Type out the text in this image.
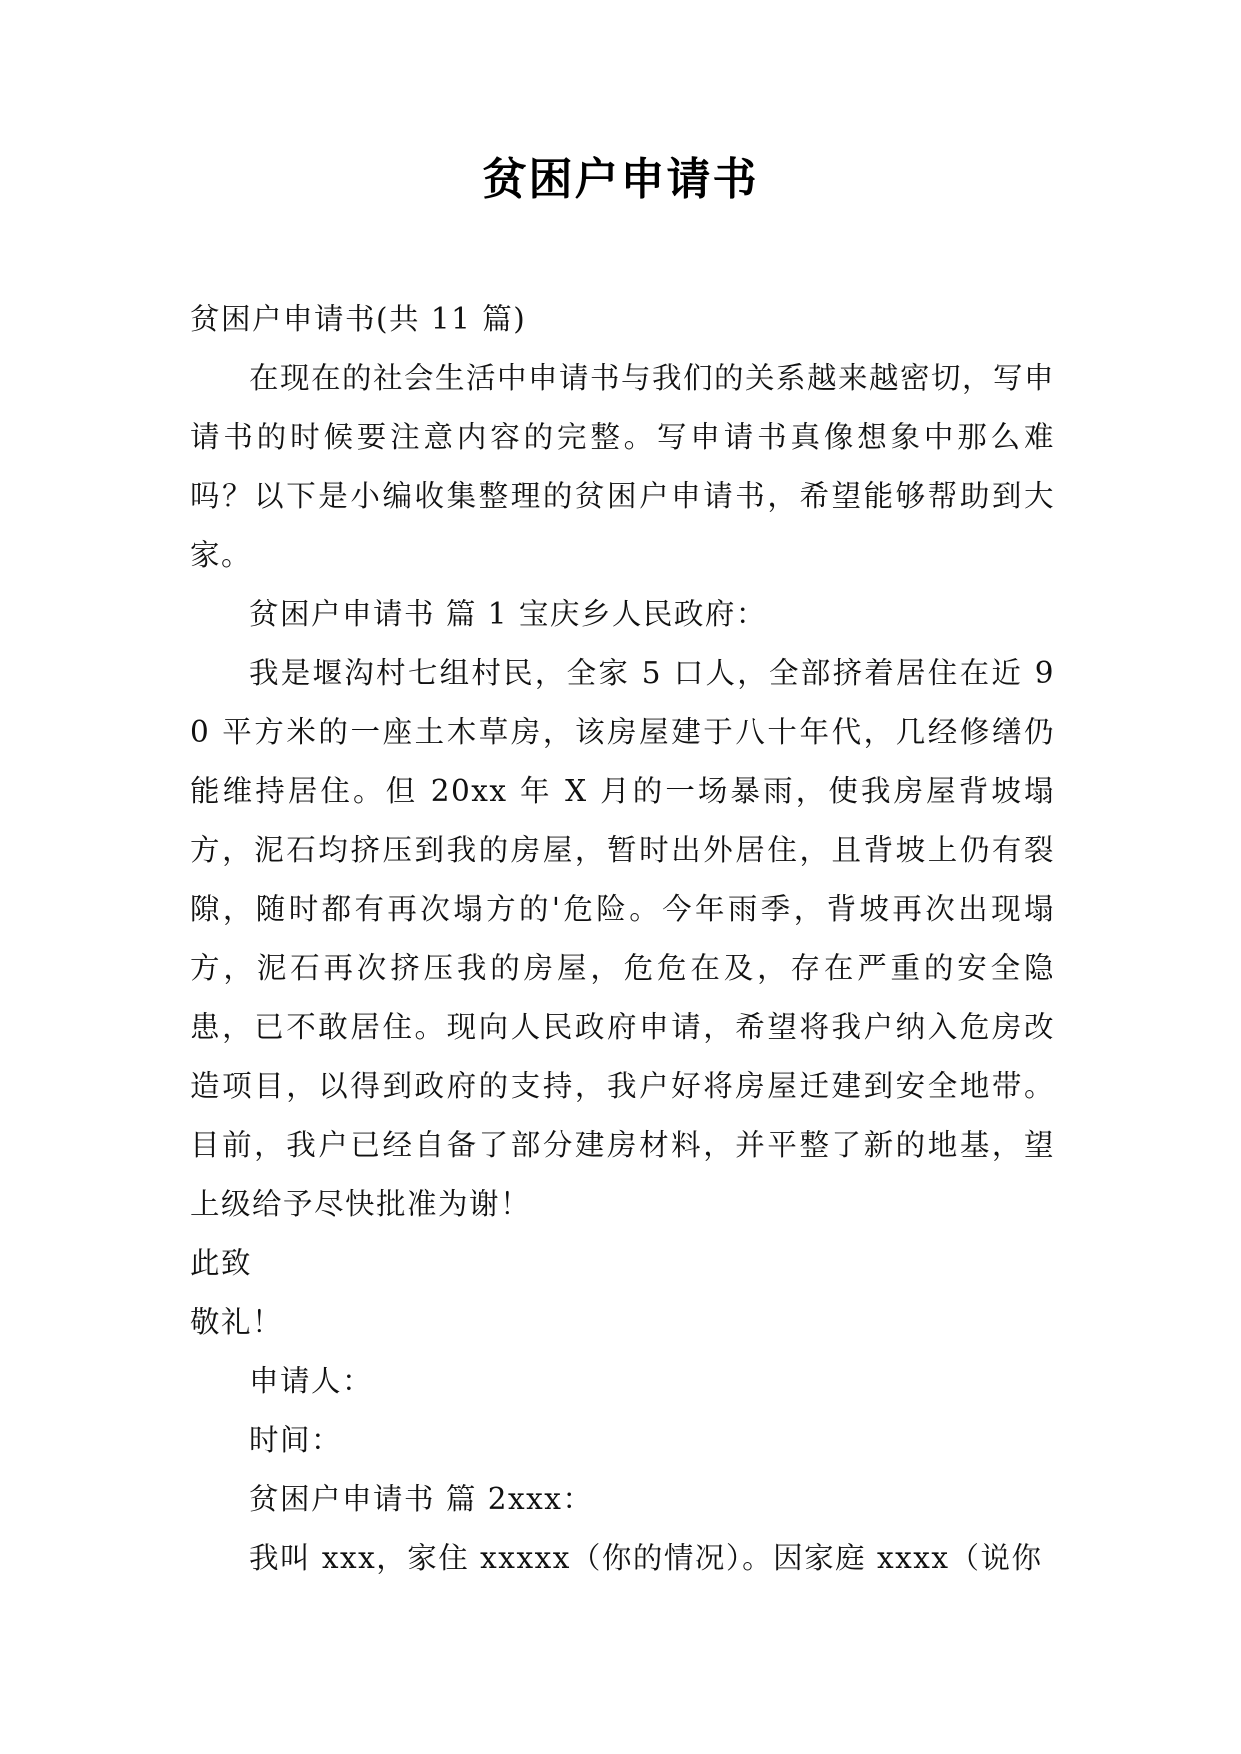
贫困户申请书

贫困户申请书(共 11 篇)

在现在的社会生活中申请书与我们的关系越来越密切，写申请书的时候要注意内容的完整。写申请书真像想象中那么难吗？以下是小编收集整理的贫困户申请书，希望能够帮助到大家。

贫困户申请书 篇 1 宝庆乡人民政府：

我是堰沟村七组村民，全家 5 口人，全部挤着居住在近 90 平方米的一座土木草房，该房屋建于八十年代，几经修缮仍能维持居住。但 20xx 年 X 月的一场暴雨，使我房屋背坡塌方，泥石均挤压到我的房屋，暂时出外居住，且背坡上仍有裂隙，随时都有再次塌方的'危险。今年雨季，背坡再次出现塌方，泥石再次挤压我的房屋，危危在及，存在严重的安全隐患，已不敢居住。现向人民政府申请，希望将我户纳入危房改造项目，以得到政府的支持，我户好将房屋迁建到安全地带。目前，我户已经自备了部分建房材料，并平整了新的地基，望上级给予尽快批准为谢！

此致

敬礼！

申请人：

时间：

贫困户申请书 篇 2xxx：

我叫 xxx，家住 xxxxx（你的情况）。因家庭 xxxx（说你
